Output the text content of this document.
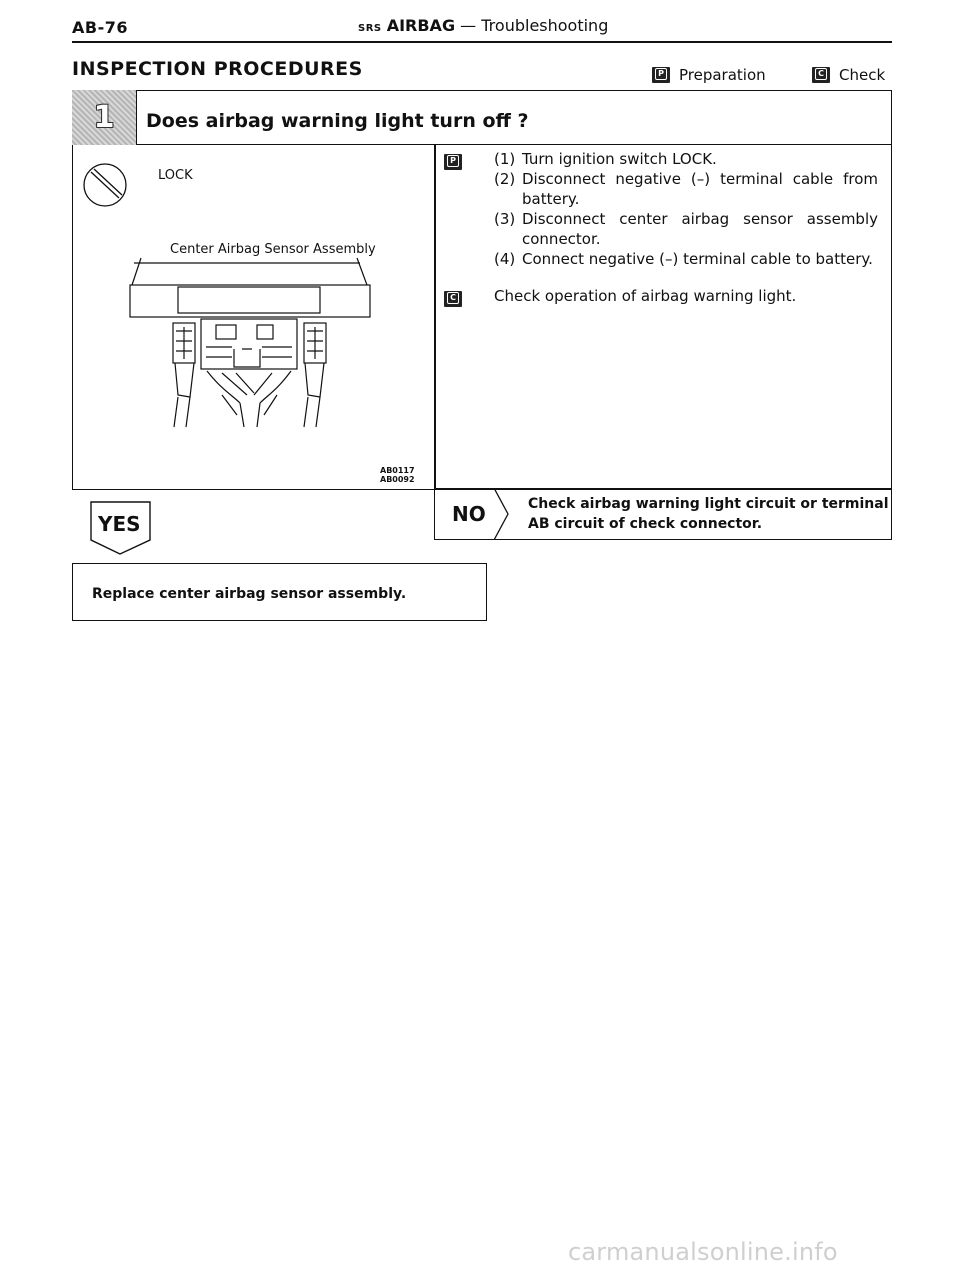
AB-76	SRS AIRBAG — Troubleshooting
INSPECTION PROCEDURES	P	Preparation	C	Check
1	Does airbag warning light turn off ?
LOCK
Center Airbag Sensor Assembly
AB0117
AB0092
P	(1) Turn ignition switch LOCK.
(2) Disconnect negative (–) terminal cable from battery.
(3) Disconnect center airbag sensor assembly connector.
(4) Connect negative (–) terminal cable to battery.
C	Check operation of airbag warning light.
NO	Check airbag warning light circuit or terminal
AB circuit of check connector.
YES
Replace center airbag sensor assembly.
carmanualsonline.info
